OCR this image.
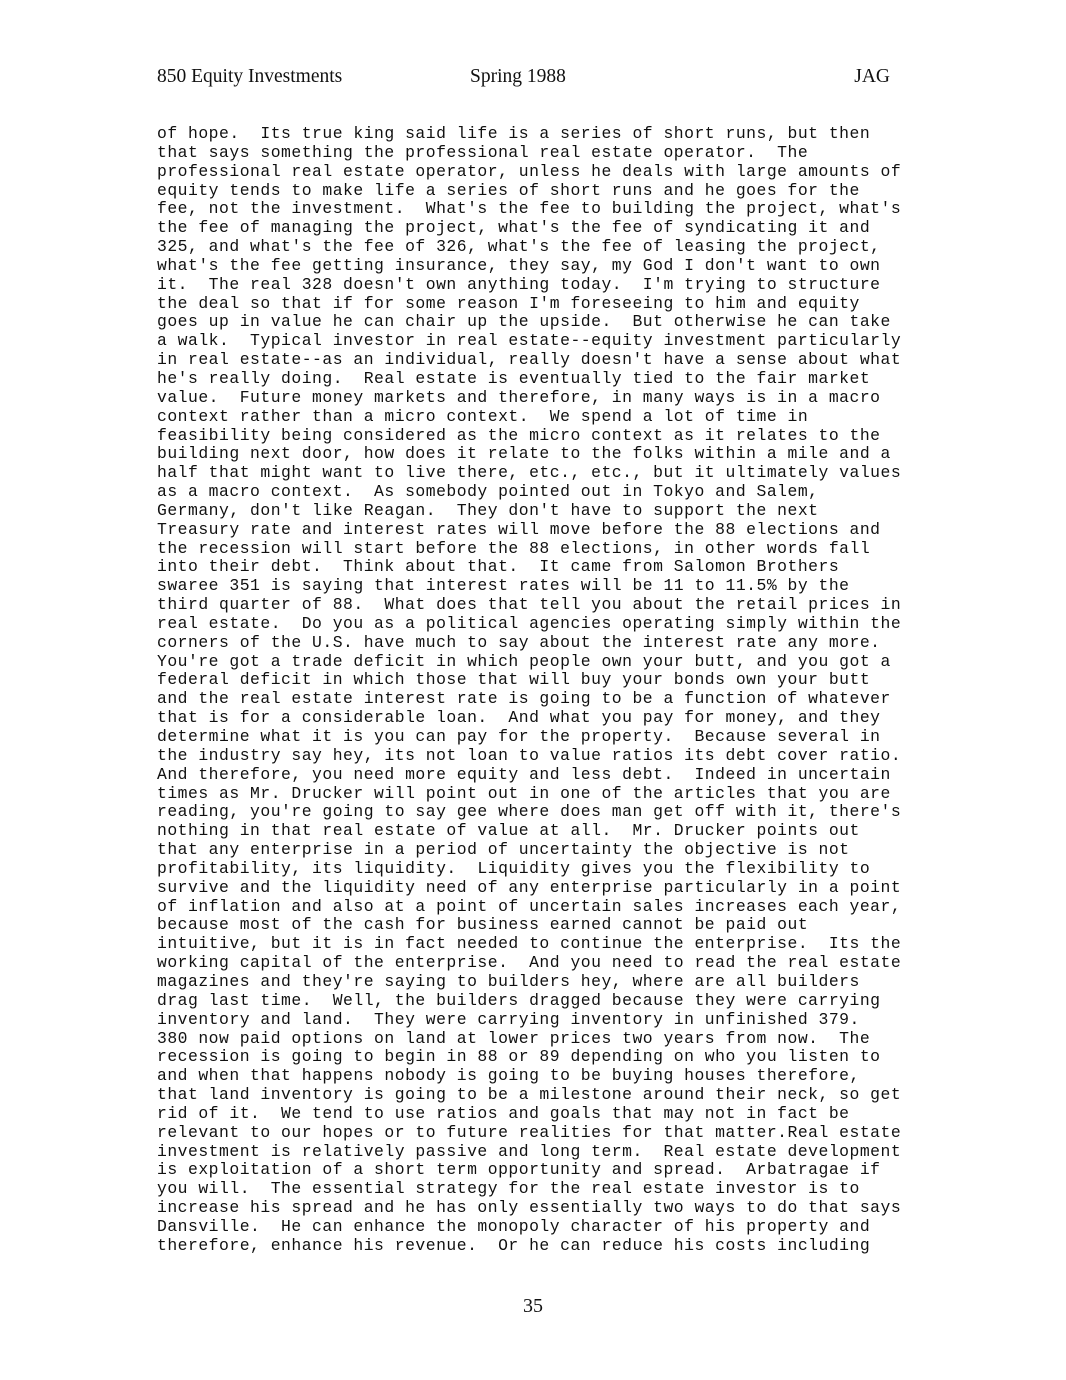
850 Equity Investments	Spring 1988	JAG
of hope.  Its true king said life is a series of short runs, but then
that says something the professional real estate operator.  The
professional real estate operator, unless he deals with large amounts of
equity tends to make life a series of short runs and he goes for the
fee, not the investment.  What's the fee to building the project, what's
the fee of managing the project, what's the fee of syndicating it and
325, and what's the fee of 326, what's the fee of leasing the project,
what's the fee getting insurance, they say, my God I don't want to own
it.  The real 328 doesn't own anything today.  I'm trying to structure
the deal so that if for some reason I'm foreseeing to him and equity
goes up in value he can chair up the upside.  But otherwise he can take
a walk.  Typical investor in real estate--equity investment particularly
in real estate--as an individual, really doesn't have a sense about what
he's really doing.  Real estate is eventually tied to the fair market
value.  Future money markets and therefore, in many ways is in a macro
context rather than a micro context.  We spend a lot of time in
feasibility being considered as the micro context as it relates to the
building next door, how does it relate to the folks within a mile and a
half that might want to live there, etc., etc., but it ultimately values
as a macro context.  As somebody pointed out in Tokyo and Salem,
Germany, don't like Reagan.  They don't have to support the next
Treasury rate and interest rates will move before the 88 elections and
the recession will start before the 88 elections, in other words fall
into their debt.  Think about that.  It came from Salomon Brothers
swaree 351 is saying that interest rates will be 11 to 11.5% by the
third quarter of 88.  What does that tell you about the retail prices in
real estate.  Do you as a political agencies operating simply within the
corners of the U.S. have much to say about the interest rate any more.
You're got a trade deficit in which people own your butt, and you got a
federal deficit in which those that will buy your bonds own your butt
and the real estate interest rate is going to be a function of whatever
that is for a considerable loan.  And what you pay for money, and they
determine what it is you can pay for the property.  Because several in
the industry say hey, its not loan to value ratios its debt cover ratio.
And therefore, you need more equity and less debt.  Indeed in uncertain
times as Mr. Drucker will point out in one of the articles that you are
reading, you're going to say gee where does man get off with it, there's
nothing in that real estate of value at all.  Mr. Drucker points out
that any enterprise in a period of uncertainty the objective is not
profitability, its liquidity.  Liquidity gives you the flexibility to
survive and the liquidity need of any enterprise particularly in a point
of inflation and also at a point of uncertain sales increases each year,
because most of the cash for business earned cannot be paid out
intuitive, but it is in fact needed to continue the enterprise.  Its the
working capital of the enterprise.  And you need to read the real estate
magazines and they're saying to builders hey, where are all builders
drag last time.  Well, the builders dragged because they were carrying
inventory and land.  They were carrying inventory in unfinished 379.
380 now paid options on land at lower prices two years from now.  The
recession is going to begin in 88 or 89 depending on who you listen to
and when that happens nobody is going to be buying houses therefore,
that land inventory is going to be a milestone around their neck, so get
rid of it.  We tend to use ratios and goals that may not in fact be
relevant to our hopes or to future realities for that matter.Real estate
investment is relatively passive and long term.  Real estate development
is exploitation of a short term opportunity and spread.  Arbatragae if
you will.  The essential strategy for the real estate investor is to
increase his spread and he has only essentially two ways to do that says
Dansville.  He can enhance the monopoly character of his property and
therefore, enhance his revenue.  Or he can reduce his costs including
35
